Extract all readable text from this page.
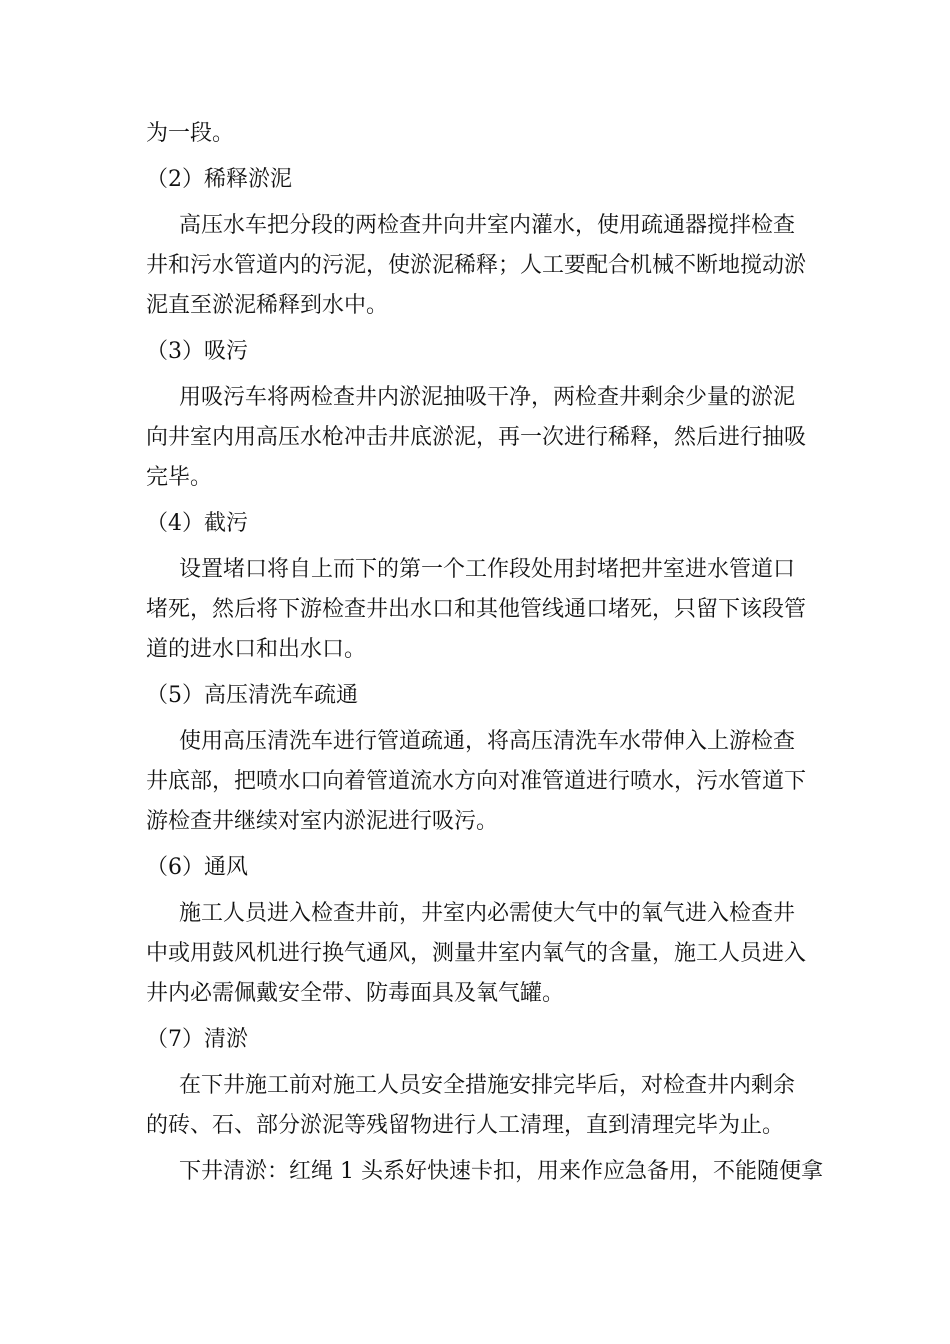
为一段。
（2）稀释淤泥
高压水车把分段的两检查井向井室内灌水，使用疏通器搅拌检查
井和污水管道内的污泥，使淤泥稀释；人工要配合机械不断地搅动淤
泥直至淤泥稀释到水中。
（3）吸污
用吸污车将两检查井内淤泥抽吸干净，两检查井剩余少量的淤泥
向井室内用高压水枪冲击井底淤泥，再一次进行稀释，然后进行抽吸
完毕。
（4）截污
设置堵口将自上而下的第一个工作段处用封堵把井室进水管道口
堵死，然后将下游检查井出水口和其他管线通口堵死，只留下该段管
道的进水口和出水口。
（5）高压清洗车疏通
使用高压清洗车进行管道疏通，将高压清洗车水带伸入上游检查
井底部，把喷水口向着管道流水方向对准管道进行喷水，污水管道下
游检查井继续对室内淤泥进行吸污。
（6）通风
施工人员进入检查井前，井室内必需使大气中的氧气进入检查井
中或用鼓风机进行换气通风，测量井室内氧气的含量，施工人员进入
井内必需佩戴安全带、防毒面具及氧气罐。
（7）清淤
在下井施工前对施工人员安全措施安排完毕后，对检查井内剩余
的砖、石、部分淤泥等残留物进行人工清理，直到清理完毕为止。
下井清淤：红绳 1 头系好快速卡扣，用来作应急备用，不能随便拿
